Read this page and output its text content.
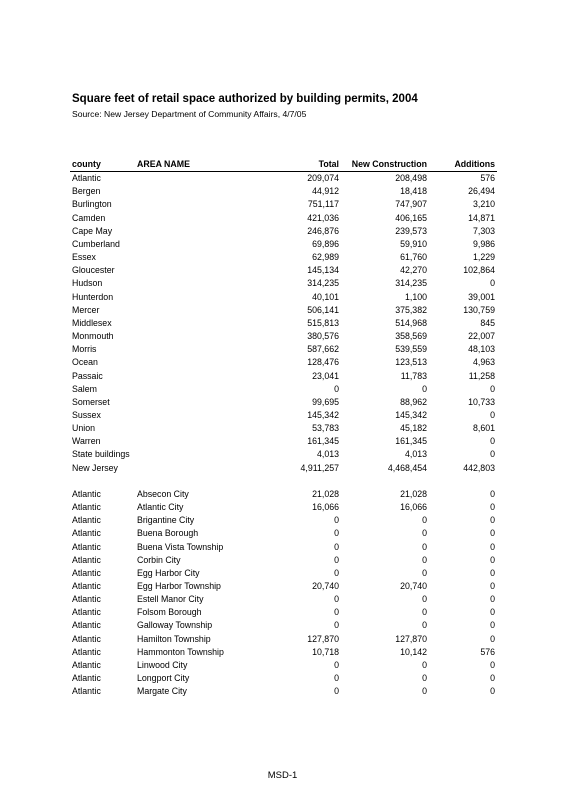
Square feet of retail space authorized by building permits, 2004
Source: New Jersey Department of Community Affairs, 4/7/05
county	AREA NAME	Total	New Construction	Additions
Atlantic		209,074	208,498	576
Bergen		44,912	18,418	26,494
Burlington		751,117	747,907	3,210
Camden		421,036	406,165	14,871
Cape May		246,876	239,573	7,303
Cumberland		69,896	59,910	9,986
Essex		62,989	61,760	1,229
Gloucester		145,134	42,270	102,864
Hudson		314,235	314,235	0
Hunterdon		40,101	1,100	39,001
Mercer		506,141	375,382	130,759
Middlesex		515,813	514,968	845
Monmouth		380,576	358,569	22,007
Morris		587,662	539,559	48,103
Ocean		128,476	123,513	4,963
Passaic		23,041	11,783	11,258
Salem		0	0	0
Somerset		99,695	88,962	10,733
Sussex		145,342	145,342	0
Union		53,783	45,182	8,601
Warren		161,345	161,345	0
State buildings		4,013	4,013	0
New Jersey		4,911,257	4,468,454	442,803

Atlantic	Absecon City	21,028	21,028	0
Atlantic	Atlantic City	16,066	16,066	0
Atlantic	Brigantine City	0	0	0
Atlantic	Buena Borough	0	0	0
Atlantic	Buena Vista Township	0	0	0
Atlantic	Corbin City	0	0	0
Atlantic	Egg Harbor City	0	0	0
Atlantic	Egg Harbor Township	20,740	20,740	0
Atlantic	Estell Manor City	0	0	0
Atlantic	Folsom Borough	0	0	0
Atlantic	Galloway Township	0	0	0
Atlantic	Hamilton Township	127,870	127,870	0
Atlantic	Hammonton Township	10,718	10,142	576
Atlantic	Linwood City	0	0	0
Atlantic	Longport City	0	0	0
Atlantic	Margate City	0	0	0
MSD-1
